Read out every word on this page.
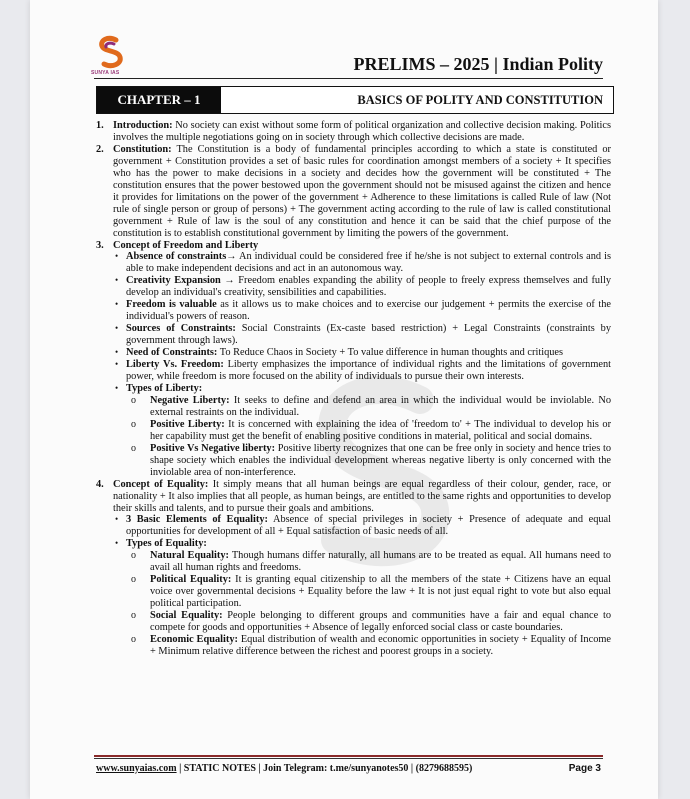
SUNYA IAS	PRELIMS – 2025 | Indian Polity
CHAPTER – 1	BASICS OF POLITY AND CONSTITUTION
1. Introduction: No society can exist without some form of political organization and collective decision making. Politics involves the multiple negotiations going on in society through which collective decisions are made.
2. Constitution: The Constitution is a body of fundamental principles according to which a state is constituted or government + Constitution provides a set of basic rules for coordination amongst members of a society + It specifies who has the power to make decisions in a society and decides how the government will be constituted + The constitution ensures that the power bestowed upon the government should not be misused against the citizen and hence it provides for limitations on the power of the government + Adherence to these limitations is called Rule of law (Not rule of single person or group of persons) + The government acting according to the rule of law is called constitutional government + Rule of law is the soul of any constitution and hence it can be said that the chief purpose of the constitution is to establish constitutional government by limiting the powers of the government.
3. Concept of Freedom and Liberty
• Absence of constraints→ An individual could be considered free if he/she is not subject to external controls and is able to make independent decisions and act in an autonomous way.
• Creativity Expansion → Freedom enables expanding the ability of people to freely express themselves and fully develop an individual's creativity, sensibilities and capabilities.
• Freedom is valuable as it allows us to make choices and to exercise our judgement + permits the exercise of the individual's powers of reason.
• Sources of Constraints: Social Constraints (Ex-caste based restriction) + Legal Constraints (constraints by government through laws).
• Need of Constraints: To Reduce Chaos in Society + To value difference in human thoughts and critiques
• Liberty Vs. Freedom: Liberty emphasizes the importance of individual rights and the limitations of government power, while freedom is more focused on the ability of individuals to pursue their own interests.
• Types of Liberty:
o Negative Liberty: It seeks to define and defend an area in which the individual would be inviolable. No external restraints on the individual.
o Positive Liberty: It is concerned with explaining the idea of 'freedom to' + The individual to develop his or her capability must get the benefit of enabling positive conditions in material, political and social domains.
o Positive Vs Negative liberty: Positive liberty recognizes that one can be free only in society and hence tries to shape society which enables the individual development whereas negative liberty is only concerned with the inviolable area of non-interference.
4. Concept of Equality: It simply means that all human beings are equal regardless of their colour, gender, race, or nationality + It also implies that all people, as human beings, are entitled to the same rights and opportunities to develop their skills and talents, and to pursue their goals and ambitions.
• 3 Basic Elements of Equality: Absence of special privileges in society + Presence of adequate and equal opportunities for development of all + Equal satisfaction of basic needs of all.
• Types of Equality:
o Natural Equality: Though humans differ naturally, all humans are to be treated as equal. All humans need to avail all human rights and freedoms.
o Political Equality: It is granting equal citizenship to all the members of the state + Citizens have an equal voice over governmental decisions + Equality before the law + It is not just equal right to vote but also equal political participation.
o Social Equality: People belonging to different groups and communities have a fair and equal chance to compete for goods and opportunities + Absence of legally enforced social class or caste boundaries.
o Economic Equality: Equal distribution of wealth and economic opportunities in society + Equality of Income + Minimum relative difference between the richest and poorest groups in a society.
www.sunyaias.com | STATIC NOTES | Join Telegram: t.me/sunyanotes50 | (8279688595)	Page 3
